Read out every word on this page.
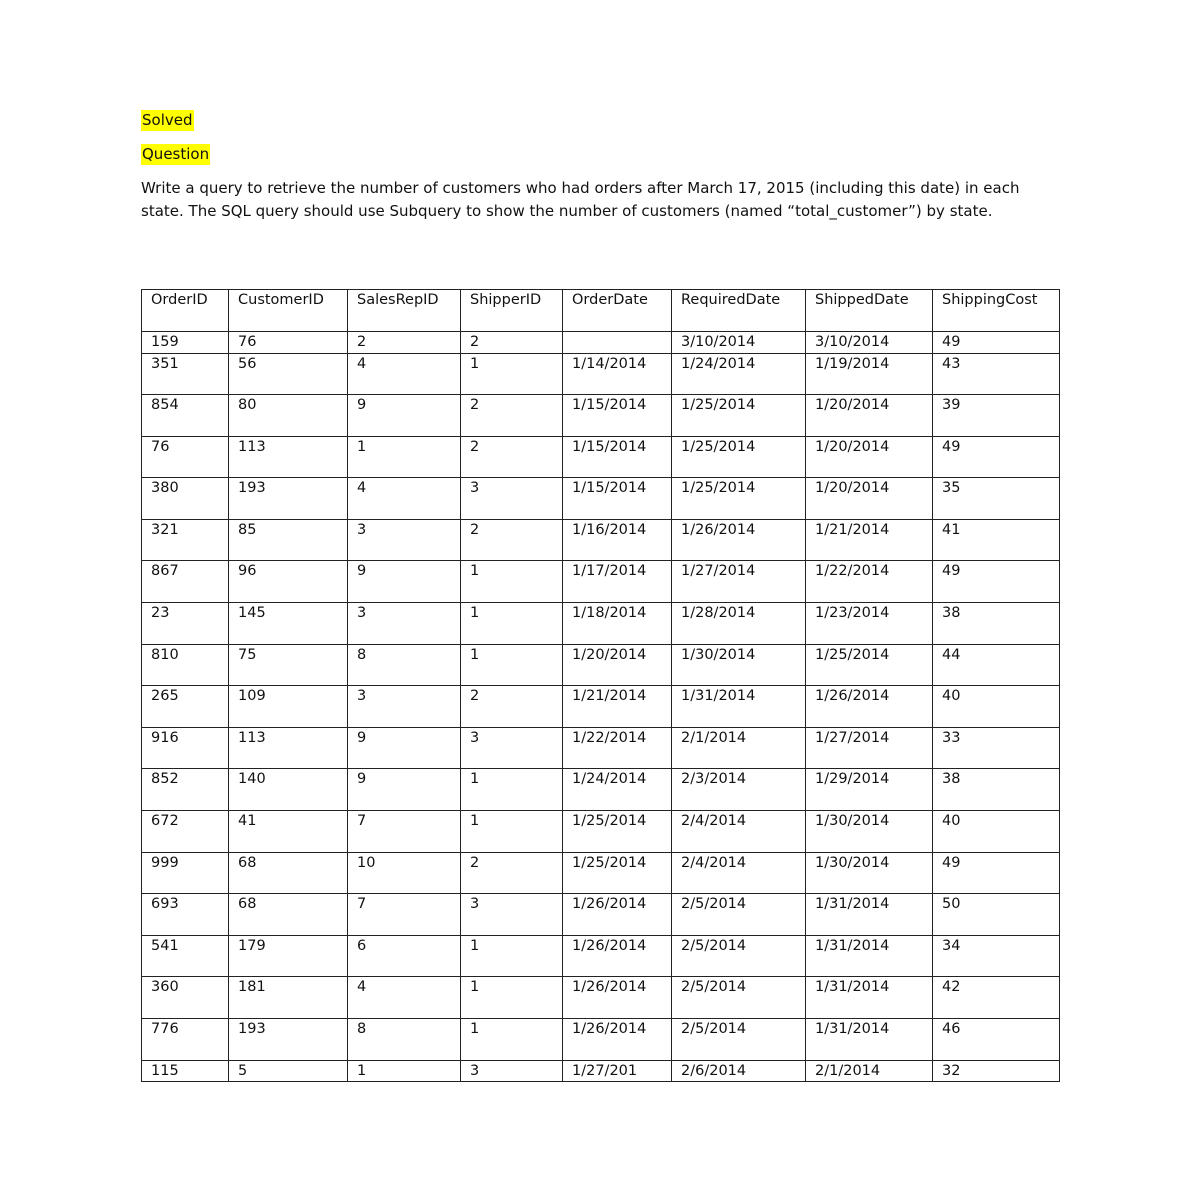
Solved
Question

Write a query to retrieve the number of customers who had orders after March 17, 2015 (including this date) in each state. The SQL query should use Subquery to show the number of customers (named “total_customer”) by state.

OrderID	CustomerID	SalesRepID	ShipperID	OrderDate	RequiredDate	ShippedDate	ShippingCost
159	76	2	2		3/10/2014	3/10/2014	49
351	56	4	1	1/14/2014	1/24/2014	1/19/2014	43
854	80	9	2	1/15/2014	1/25/2014	1/20/2014	39
76	113	1	2	1/15/2014	1/25/2014	1/20/2014	49
380	193	4	3	1/15/2014	1/25/2014	1/20/2014	35
321	85	3	2	1/16/2014	1/26/2014	1/21/2014	41
867	96	9	1	1/17/2014	1/27/2014	1/22/2014	49
23	145	3	1	1/18/2014	1/28/2014	1/23/2014	38
810	75	8	1	1/20/2014	1/30/2014	1/25/2014	44
265	109	3	2	1/21/2014	1/31/2014	1/26/2014	40
916	113	9	3	1/22/2014	2/1/2014	1/27/2014	33
852	140	9	1	1/24/2014	2/3/2014	1/29/2014	38
672	41	7	1	1/25/2014	2/4/2014	1/30/2014	40
999	68	10	2	1/25/2014	2/4/2014	1/30/2014	49
693	68	7	3	1/26/2014	2/5/2014	1/31/2014	50
541	179	6	1	1/26/2014	2/5/2014	1/31/2014	34
360	181	4	1	1/26/2014	2/5/2014	1/31/2014	42
776	193	8	1	1/26/2014	2/5/2014	1/31/2014	46
115	5	1	3	1/27/201	2/6/2014	2/1/2014	32
